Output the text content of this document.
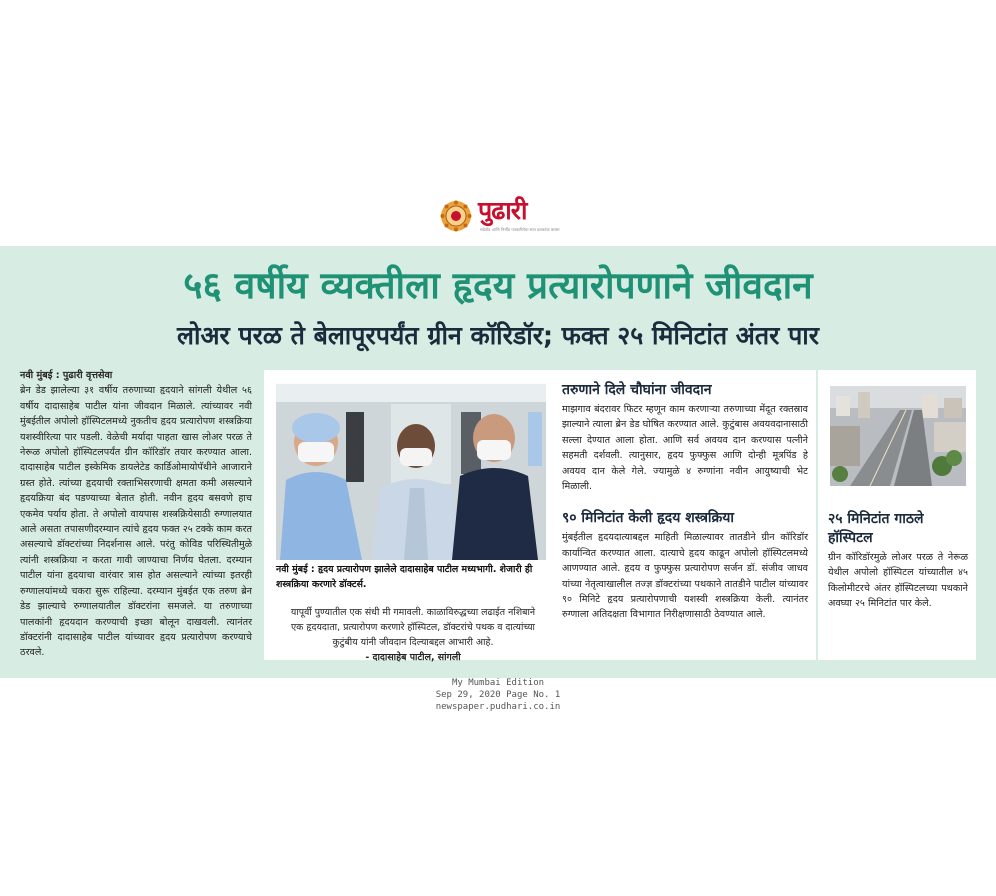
पुढारी
सडेतोड आणि निर्भीड पत्रकारितेचा सात दशकांचा वारसा
५६ वर्षीय व्यक्तीला हृदय प्रत्यारोपणाने जीवदान
लोअर परळ ते बेलापूरपर्यंत ग्रीन कॉरिडॉर; फक्त २५ मिनिटांत अंतर पार
नवी मुंबई : पुढारी वृत्तसेवा
ब्रेन डेड झालेल्या ३१ वर्षीय तरुणाच्या हृदयाने सांगली येथील ५६ वर्षीय दादासाहेब पाटील यांना जीवदान मिळाले. त्यांच्यावर नवी मुंबईतील अपोलो हॉस्पिटलमध्ये नुकतीच हृदय प्रत्यारोपण शस्त्रक्रिया यशस्वीरित्या पार पडली. वेळेची मर्यादा पाहता खास लोअर परळ ते नेरूळ अपोलो हॉस्पिटलपर्यंत ग्रीन कॉरिडॉर तयार करण्यात आला. दादासाहेब पाटील इस्केमिक डायलेटेड कार्डिओमायोपॅथीने आजाराने ग्रस्त होते. त्यांच्या हृदयाची रक्ताभिसरणाची क्षमता कमी असल्याने हृदयक्रिया बंद पडण्याच्या बेतात होती. नवीन हृदय बसवणे हाच एकमेव पर्याय होता. ते अपोलो वायपास शस्त्रक्रियेसाठी रुग्णालयात आले असता तपासणीदरम्यान त्यांचे हृदय फक्त २५ टक्के काम करत असल्याचे डॉक्टरांच्या निदर्शनास आले. परंतु कोविड परिस्थितीमुळे त्यांनी शस्त्रक्रिया न करता गावी जाण्याचा निर्णय घेतला. दरम्यान पाटील यांना हृदयाचा वारंवार त्रास होत असल्याने त्यांच्या इतरही रुग्णालयांमध्ये चकरा सुरू राहिल्या. दरम्यान मुंबईत एक तरुण ब्रेन डेड झाल्याचे रुग्णालयातील डॉक्टरांना समजले. या तरुणाच्या पालकांनी हृदयदान करण्याची इच्छा बोलून दाखवली. त्यानंतर डॉक्टरांनी दादासाहेब पाटील यांच्यावर हृदय प्रत्यारोपण करण्याचे ठरवले.
नवी मुंबई : हृदय प्रत्यारोपण झालेले दादासाहेब पाटील मध्यभागी. शेजारी ही शस्त्रक्रिया करणारे डॉक्टर्स.
यापूर्वी पुण्यातील एक संधी मी गमावली. काळाविरुद्धच्या लढाईत नशिबाने एक हृदयदाता, प्रत्यारोपण करणारे हॉस्पिटल, डॉक्टरांचे पथक व दात्यांच्या कुटुंबीय यांनी जीवदान दिल्याबद्दल आभारी आहे.
- दादासाहेब पाटील, सांगली
तरुणाने दिले चौघांना जीवदान
माझगाव बंदरावर फिटर म्हणून काम करणाऱ्या तरुणाच्या मेंदूत रक्तस्राव झाल्याने त्याला ब्रेन डेड घोषित करण्यात आले. कुटुंबास अवयवदानासाठी सल्ला देण्यात आला होता. आणि सर्व अवयव दान करण्यास पत्नीने सहमती दर्शवली. त्यानुसार, हृदय फुफ्फुस आणि दोन्ही मूत्रपिंड हे अवयव दान केले गेले. ज्यामुळे ४ रुग्णांना नवीन आयुष्याची भेट मिळाली.
९० मिनिटांत केली हृदय शस्त्रक्रिया
मुंबईतील हृदयदात्याबद्दल माहिती मिळाल्यावर तातडीने ग्रीन कॉरिडॉर कार्यान्वित करण्यात आला. दात्याचे हृदय काढून अपोलो हॉस्पिटलमध्ये आणण्यात आले. हृदय व फुफ्फुस प्रत्यारोपण सर्जन डॉ. संजीव जाधव यांच्या नेतृत्वाखालील तज्ज्ञ डॉक्टरांच्या पथकाने तातडीने पाटील यांच्यावर ९० मिनिटे हृदय प्रत्यारोपणाची यशस्वी शस्त्रक्रिया केली. त्यानंतर रुग्णाला अतिदक्षता विभागात निरीक्षणासाठी ठेवण्यात आले.
२५ मिनिटांत गाठले हॉस्पिटल
ग्रीन कॉरिडॉरमुळे लोअर परळ ते नेरूळ येथील अपोलो हॉस्पिटल यांच्यातील ४५ किलोमीटरचे अंतर हॉस्पिटलच्या पथकाने अवघ्या २५ मिनिटांत पार केले.
My Mumbai Edition
Sep 29, 2020 Page No. 1
newspaper.pudhari.co.in
